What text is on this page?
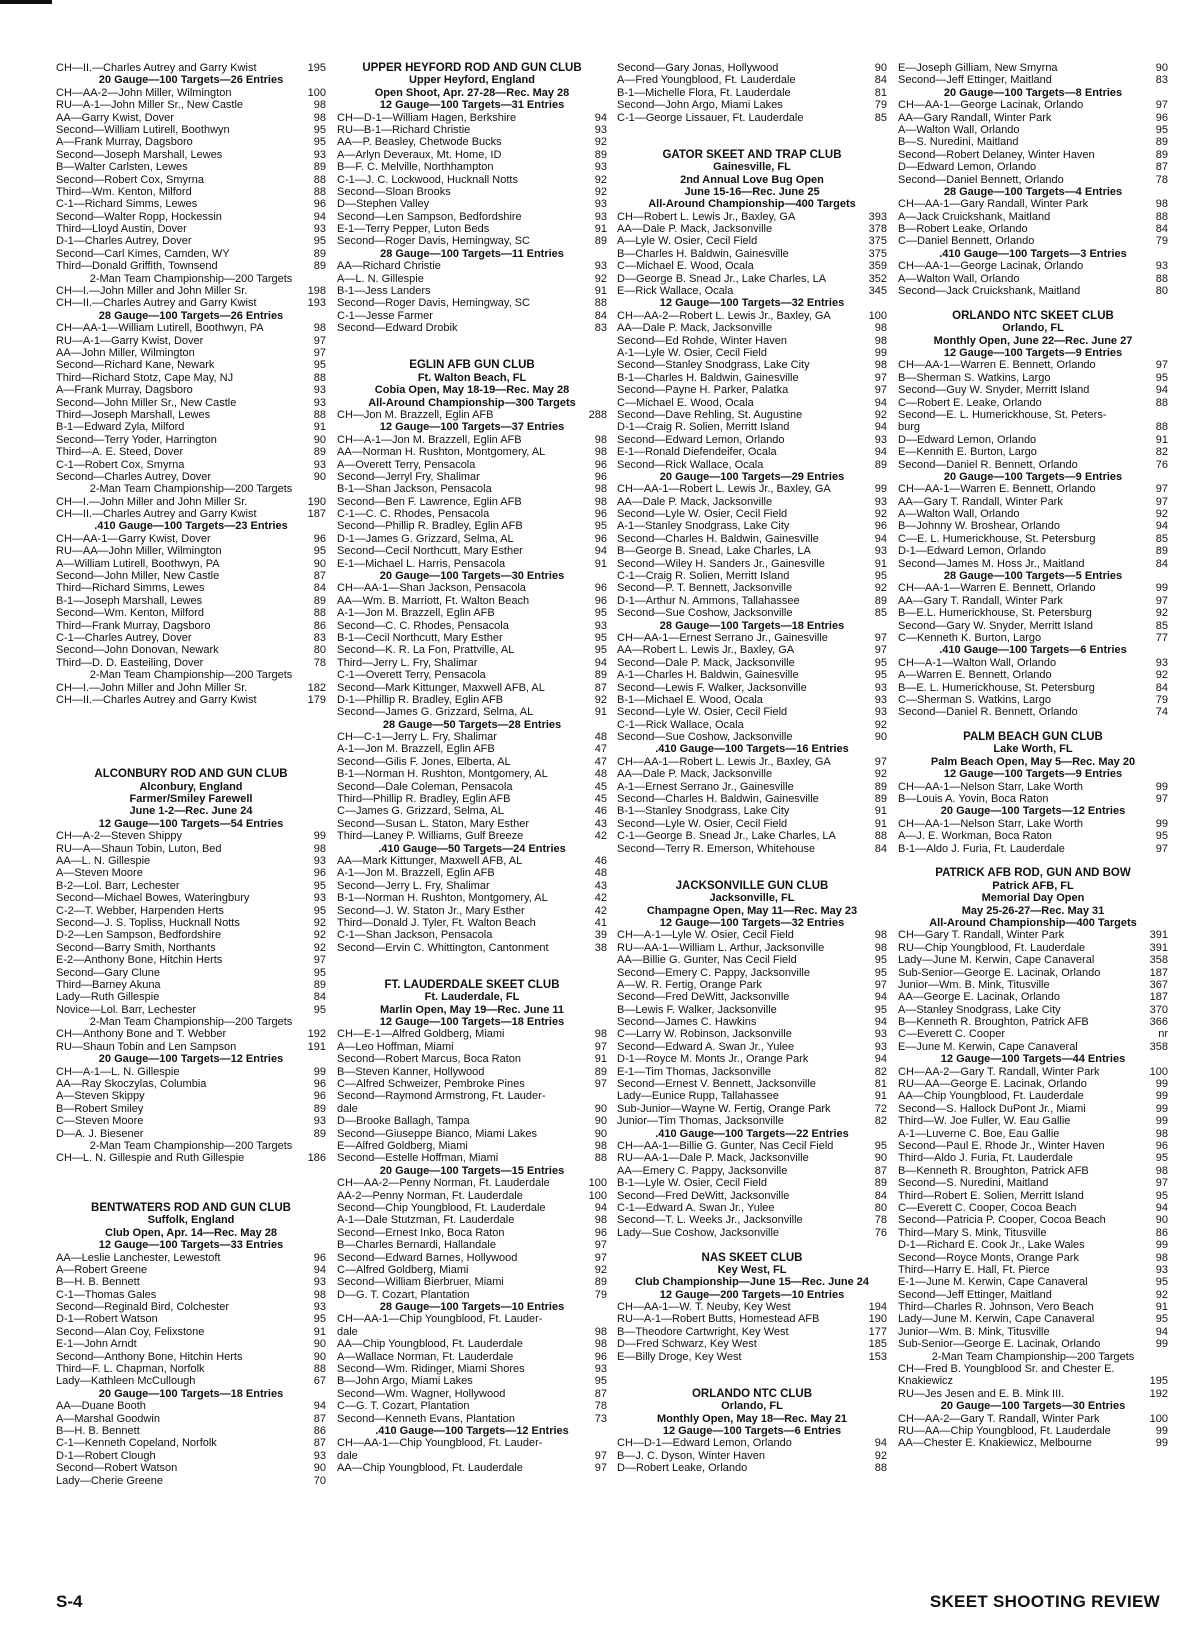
CH—II.—Charles Autrey and Garry Kwist	195
20 Gauge—100 Targets—26 Entries
CH—AA-2—John Miller, Wilmington	100
RU—A-1—John Miller Sr., New Castle	98
AA—Garry Kwist, Dover	98
Second—William Lutirell, Boothwyn	95
A—Frank Murray, Dagsboro	95
Second—Joseph Marshall, Lewes	93
B—Walter Carlsten, Lewes	89
Second—Robert Cox, Smyrna	88
Third—Wm. Kenton, Milford	88
C-1—Richard Simms, Lewes	96
Second—Walter Ropp, Hockessin	94
Third—Lloyd Austin, Dover	93
D-1—Charles Autrey, Dover	95
Second—Carl Kimes, Camden, WY	89
Third—Donald Griffith, Townsend	89
2-Man Team Championship—200 Targets
CH—I.—John Miller and John Miller Sr.	198
CH—II.—Charles Autrey and Garry Kwist	193
28 Gauge—100 Targets—26 Entries
CH—AA-1—William Lutirell, Boothwyn, PA	98
RU—A-1—Garry Kwist, Dover	97
AA—John Miller, Wilmington	97
Second—Richard Kane, Newark	95
Third—Richard Stotz, Cape May, NJ	88
A—Frank Murray, Dagsboro	93
Second—John Miller Sr., New Castle	93
Third—Joseph Marshall, Lewes	88
B-1—Edward Zyla, Milford	91
Second—Terry Yoder, Harrington	90
Third—A. E. Steed, Dover	89
C-1—Robert Cox, Smyrna	93
Second—Charles Autrey, Dover	90
2-Man Team Championship—200 Targets
CH—I.—John Miller and John Miller Sr.	190
CH—II.—Charles Autrey and Garry Kwist	187
.410 Gauge—100 Targets—23 Entries
CH—AA-1—Garry Kwist, Dover	96
RU—AA—John Miller, Wilmington	95
A—William Lutirell, Boothwyn, PA	90
Second—John Miller, New Castle	87
Third—Richard Simms, Lewes	84
B-1—Joseph Marshall, Lewes	89
Second—Wm. Kenton, Milford	88
Third—Frank Murray, Dagsboro	86
C-1—Charles Autrey, Dover	83
Second—John Donovan, Newark	80
Third—D. D. Easteiling, Dover	78
2-Man Team Championship—200 Targets
CH—I.—John Miller and John Miller Sr.	182
CH—II.—Charles Autrey and Garry Kwist	179
ALCONBURY ROD AND GUN CLUB
Alconbury, England
Farmer/Smiley Farewell
June 1-2—Rec. June 24
12 Gauge—100 Targets—54 Entries
CH—A-2—Steven Shippy	99
RU—A—Shaun Tobin, Luton, Bed	98
AA—L. N. Gillespie	93
A—Steven Moore	96
B-2—Lol. Barr, Lechester	95
Second—Michael Bowes, Wateringbury	93
C-2—T. Webber, Harpenden Herts	95
Second—J. S. Topliss, Hucknall Notts	92
D-2—Len Sampson, Bedfordshire	92
Second—Barry Smith, Northants	92
E-2—Anthony Bone, Hitchin Herts	97
Second—Gary Clune	95
Third—Barney Akuna	89
Lady—Ruth Gillespie	84
Novice—Lol. Barr, Lechester	95
2-Man Team Championship—200 Targets
CH—Anthony Bone and T. Webber	192
RU—Shaun Tobin and Len Sampson	191
20 Gauge—100 Targets—12 Entries
CH—A-1—L. N. Gillespie	99
AA—Ray Skoczylas, Columbia	96
A—Steven Skippy	96
B—Robert Smiley	89
C—Steven Moore	93
D—A. J. Biesener	89
2-Man Team Championship—200 Targets
CH—L. N. Gillespie and Ruth Gillespie	186
BENTWATERS ROD AND GUN CLUB
Suffolk, England
Club Open, Apr. 14—Rec. May 28
12 Gauge—100 Targets—33 Entries
AA—Leslie Lanchester, Lewestoft	96
A—Robert Greene	94
B—H. B. Bennett	93
C-1—Thomas Gales	98
Second—Reginald Bird, Colchester	93
D-1—Robert Watson	95
Second—Alan Coy, Felixstone	91
E-1—John Arndt	90
Second—Anthony Bone, Hitchin Herts	90
Third—F. L. Chapman, Norfolk	88
Lady—Kathleen McCullough	67
20 Gauge—100 Targets—18 Entries
AA—Duane Booth	94
A—Marshal Goodwin	87
B—H. B. Bennett	86
C-1—Kenneth Copeland, Norfolk	87
D-1—Robert Clough	93
Second—Robert Watson	90
Lady—Cherie Greene	70
UPPER HEYFORD ROD AND GUN CLUB
Upper Heyford, England
Open Shoot, Apr. 27-28—Rec. May 28
12 Gauge—100 Targets—31 Entries
CH—D-1—William Hagen, Berkshire	94
RU—B-1—Richard Christie	93
AA—P. Beasley, Chetwode Bucks	92
A—Arlyn Deveraux, Mt. Home, ID	89
B—F. C. Melville, Northhampton	93
C-1—J. C. Lockwood, Hucknall Notts	92
Second—Sloan Brooks	92
D—Stephen Valley	93
Second—Len Sampson, Bedfordshire	93
E-1—Terry Pepper, Luton Beds	91
Second—Roger Davis, Hemingway, SC	89
28 Gauge—100 Targets—11 Entries
AA—Richard Christie	93
A—L. N. Gillespie	92
B-1—Jess Landers	91
Second—Roger Davis, Hemingway, SC	88
C-1—Jesse Farmer	84
Second—Edward Drobik	83
EGLIN AFB GUN CLUB
Ft. Walton Beach, FL
Cobia Open, May 18-19—Rec. May 28
All-Around Championship—300 Targets
CH—Jon M. Brazzell, Eglin AFB	288
12 Gauge—100 Targets—37 Entries
CH—A-1—Jon M. Brazzell, Eglin AFB	98
AA—Norman H. Rushton, Montgomery, AL	98
A—Overett Terry, Pensacola	96
Second—Jerryl Fry, Shalimar	96
B-1—Shan Jackson, Pensacola	98
Second—Ben F. Lawrence, Eglin AFB	98
C-1—C. C. Rhodes, Pensacola	96
Second—Phillip R. Bradley, Eglin AFB	95
D-1—James G. Grizzard, Selma, AL	96
Second—Cecil Northcutt, Mary Esther	94
E-1—Michael L. Harris, Pensacola	91
20 Gauge—100 Targets—30 Entries
CH—AA-1—Shan Jackson, Pensacola	96
AA—Wm. B. Marriott, Ft. Walton Beach	96
A-1—Jon M. Brazzell, Eglin AFB	95
Second—C. C. Rhodes, Pensacola	93
B-1—Cecil Northcutt, Mary Esther	95
Second—K. R. La Fon, Prattville, AL	95
Third—Jerry L. Fry, Shalimar	94
C-1—Overett Terry, Pensacola	89
Second—Mark Kittunger, Maxwell AFB, AL	87
D-1—Phillip R. Bradley, Eglin AFB	92
Second—James G. Grizzard, Selma, AL	91
28 Gauge—50 Targets—28 Entries
CH—C-1—Jerry L. Fry, Shalimar	48
A-1—Jon M. Brazzell, Eglin AFB	47
Second—Gilis F. Jones, Elberta, AL	47
B-1—Norman H. Rushton, Montgomery, AL	48
Second—Dale Coleman, Pensacola	45
Third—Phillip R. Bradley, Eglin AFB	45
C—James G. Grizzard, Selma, AL	46
Second—Susan L. Staton, Mary Esther	43
Third—Laney P. Williams, Gulf Breeze	42
.410 Gauge—50 Targets—24 Entries
AA—Mark Kittunger, Maxwell AFB, AL	46
A-1—Jon M. Brazzell, Eglin AFB	48
Second—Jerry L. Fry, Shalimar	43
B-1—Norman H. Rushton, Montgomery, AL	42
Second—J. W. Staton Jr., Mary Esther	42
Third—Donald J. Tyler, Ft. Walton Beach	41
C-1—Shan Jackson, Pensacola	39
Second—Ervin C. Whittington, Cantonment	38
FT. LAUDERDALE SKEET CLUB
Ft. Lauderdale, FL
Marlin Open, May 19—Rec. June 11
12 Gauge—100 Targets—18 Entries
CH—E-1—Alfred Goldberg, Miami	98
A—Leo Hoffman, Miami	97
Second—Robert Marcus, Boca Raton	91
B—Steven Kanner, Hollywood	89
C—Alfred Schweizer, Pembroke Pines	97
Second—Raymond Armstrong, Ft. Lauder-
dale	90
D—Brooke Ballagh, Tampa	90
Second—Giuseppe Bianco, Miami Lakes	90
E—Alfred Goldberg, Miami	98
Second—Estelle Hoffman, Miami	88
20 Gauge—100 Targets—15 Entries
CH—AA-2—Penny Norman, Ft. Lauderdale	100
AA-2—Penny Norman, Ft. Lauderdale	100
Second—Chip Youngblood, Ft. Lauderdale	94
A-1—Dale Stutzman, Ft. Lauderdale	98
Second—Ernest Inko, Boca Raton	96
B—Charles Bernardi, Hallandale	97
Second—Edward Barnes, Hollywood	97
C—Alfred Goldberg, Miami	92
Second—William Bierbruer, Miami	89
D—G. T. Cozart, Plantation	79
28 Gauge—100 Targets—10 Entries
CH—AA-1—Chip Youngblood, Ft. Lauder-
dale	98
AA—Chip Youngblood, Ft. Lauderdale	98
A—Wallace Norman, Ft. Lauderdale	96
Second—Wm. Ridinger, Miami Shores	93
B—John Argo, Miami Lakes	95
Second—Wm. Wagner, Hollywood	87
C—G. T. Cozart, Plantation	78
Second—Kenneth Evans, Plantation	73
.410 Gauge—100 Targets—12 Entries
CH—AA-1—Chip Youngblood, Ft. Lauder-
dale	97
AA—Chip Youngblood, Ft. Lauderdale	97
Second—Gary Jonas, Hollywood	90
A—Fred Youngblood, Ft. Lauderdale	84
B-1—Michelle Flora, Ft. Lauderdale	81
Second—John Argo, Miami Lakes	79
C-1—George Lissauer, Ft. Lauderdale	85
GATOR SKEET AND TRAP CLUB
Gainesville, FL
2nd Annual Love Bug Open
June 15-16—Rec. June 25
All-Around Championship—400 Targets
CH—Robert L. Lewis Jr., Baxley, GA	393
AA—Dale P. Mack, Jacksonville	378
A—Lyle W. Osier, Cecil Field	375
B—Charles H. Baldwin, Gainesville	375
C—Michael E. Wood, Ocala	359
D—George B. Snead Jr., Lake Charles, LA	352
E—Rick Wallace, Ocala	345
12 Gauge—100 Targets—32 Entries
CH—AA-2—Robert L. Lewis Jr., Baxley, GA	100
AA—Dale P. Mack, Jacksonville	98
Second—Ed Rohde, Winter Haven	98
A-1—Lyle W. Osier, Cecil Field	99
Second—Stanley Snodgrass, Lake City	98
B-1—Charles H. Baldwin, Gainesville	97
Second—Payne H. Parker, Palatka	97
C—Michael E. Wood, Ocala	94
Second—Dave Rehling, St. Augustine	92
D-1—Craig R. Solien, Merritt Island	94
Second—Edward Lemon, Orlando	93
E-1—Ronald Diefendeifer, Ocala	94
Second—Rick Wallace, Ocala	89
20 Gauge—100 Targets—29 Entries
CH—AA-1—Robert L. Lewis Jr., Baxley, GA	99
AA—Dale P. Mack, Jacksonville	93
Second—Lyle W. Osier, Cecil Field	92
A-1—Stanley Snodgrass, Lake City	96
Second—Charles H. Baldwin, Gainesville	94
B—George B. Snead, Lake Charles, LA	93
Second—Wiley H. Sanders Jr., Gainesville	91
C-1—Craig R. Solien, Merritt Island	95
Second—P. T. Bennett, Jacksonville	92
D-1—Arthur N. Ammons, Tallahassee	89
Second—Sue Coshow, Jacksonville	85
28 Gauge—100 Targets—18 Entries
CH—AA-1—Ernest Serrano Jr., Gainesville	97
AA—Robert L. Lewis Jr., Baxley, GA	97
Second—Dale P. Mack, Jacksonville	95
A-1—Charles H. Baldwin, Gainesville	95
Second—Lewis F. Walker, Jacksonville	93
B-1—Michael E. Wood, Ocala	93
Second—Lyle W. Osier, Cecil Field	93
C-1—Rick Wallace, Ocala	92
Second—Sue Coshow, Jacksonville	90
.410 Gauge—100 Targets—16 Entries
CH—AA-1—Robert L. Lewis Jr., Baxley, GA	97
AA—Dale P. Mack, Jacksonville	92
A-1—Ernest Serrano Jr., Gainesville	89
Second—Charles H. Baldwin, Gainesville	89
B-1—Stanley Snodgrass, Lake City	91
Second—Lyle W. Osier, Cecil Field	91
C-1—George B. Snead Jr., Lake Charles, LA	88
Second—Terry R. Emerson, Whitehouse	84
JACKSONVILLE GUN CLUB
Jacksonville, FL
Champagne Open, May 11—Rec. May 23
12 Gauge—100 Targets—32 Entries
CH—A-1—Lyle W. Osier, Cecil Field	98
RU—AA-1—William L. Arthur, Jacksonville	98
AA—Billie G. Gunter, Nas Cecil Field	95
Second—Emery C. Pappy, Jacksonville	95
A—W. R. Fertig, Orange Park	97
Second—Fred DeWitt, Jacksonville	94
B—Lewis F. Walker, Jacksonville	95
Second—James C. Hawkins	94
C—Larry W. Robinson, Jacksonville	93
Second—Edward A. Swan Jr., Yulee	93
D-1—Royce M. Monts Jr., Orange Park	94
E-1—Tim Thomas, Jacksonville	82
Second—Ernest V. Bennett, Jacksonville	81
Lady—Eunice Rupp, Tallahassee	91
Sub-Junior—Wayne W. Fertig, Orange Park	72
Junior—Tim Thomas, Jacksonville	82
.410 Gauge—100 Targets—22 Entries
CH—AA-1—Billie G. Gunter, Nas Cecil Field	95
RU—AA-1—Dale P. Mack, Jacksonville	90
AA—Emery C. Pappy, Jacksonville	87
B-1—Lyle W. Osier, Cecil Field	89
Second—Fred DeWitt, Jacksonville	84
C-1—Edward A. Swan Jr., Yulee	80
Second—T. L. Weeks Jr., Jacksonville	78
Lady—Sue Coshow, Jacksonville	76
NAS SKEET CLUB
Key West, FL
Club Championship—June 15—Rec. June 24
12 Gauge—200 Targets—10 Entries
CH—AA-1—W. T. Neuby, Key West	194
RU—A-1—Robert Butts, Homestead AFB	190
B—Theodore Cartwright, Key West	177
D—Fred Schwarz, Key West	185
E—Billy Droge, Key West	153
ORLANDO NTC CLUB
Orlando, FL
Monthly Open, May 18—Rec. May 21
12 Gauge—100 Targets—6 Entries
CH—D-1—Edward Lemon, Orlando	94
B—J. C. Dyson, Winter Haven	92
D—Robert Leake, Orlando	88
E—Joseph Gilliam, New Smyrna	90
Second—Jeff Ettinger, Maitland	83
20 Gauge—100 Targets—8 Entries
CH—AA-1—George Lacinak, Orlando	97
AA—Gary Randall, Winter Park	96
A—Walton Wall, Orlando	95
B—S. Nuredini, Maitland	89
Second—Robert Delaney, Winter Haven	89
D—Edward Lemon, Orlando	87
Second—Daniel Bennett, Orlando	78
28 Gauge—100 Targets—4 Entries
CH—AA-1—Gary Randall, Winter Park	98
A—Jack Cruickshank, Maitland	88
B—Robert Leake, Orlando	84
C—Daniel Bennett, Orlando	79
.410 Gauge—100 Targets—3 Entries
CH—AA-1—George Lacinak, Orlando	93
A—Walton Wall, Orlando	88
Second—Jack Cruickshank, Maitland	80
ORLANDO NTC SKEET CLUB
Orlando, FL
Monthly Open, June 22—Rec. June 27
12 Gauge—100 Targets—9 Entries
CH—AA-1—Warren E. Bennett, Orlando	97
B—Sherman S. Watkins, Largo	95
Second—Guy W. Snyder, Merritt Island	94
C—Robert E. Leake, Orlando	88
Second—E. L. Humerickhouse, St. Peters-
burg	88
D—Edward Lemon, Orlando	91
E—Kennith E. Burton, Largo	82
Second—Daniel R. Bennett, Orlando	76
20 Gauge—100 Targets—9 Entries
CH—AA-1—Warren E. Bennett, Orlando	97
AA—Gary T. Randall, Winter Park	97
A—Walton Wall, Orlando	92
B—Johnny W. Broshear, Orlando	94
C—E. L. Humerickhouse, St. Petersburg	85
D-1—Edward Lemon, Orlando	89
Second—James M. Hoss Jr., Maitland	84
28 Gauge—100 Targets—5 Entries
CH—AA-1—Warren E. Bennett, Orlando	99
AA—Gary T. Randall, Winter Park	97
B—E.L. Humerickhouse, St. Petersburg	92
Second—Gary W. Snyder, Merritt Island	85
C—Kenneth K. Burton, Largo	77
.410 Gauge—100 Targets—6 Entries
CH—A-1—Walton Wall, Orlando	93
A—Warren E. Bennett, Orlando	92
B—E. L. Humerickhouse, St. Petersburg	84
C—Sherman S. Watkins, Largo	79
Second—Daniel R. Bennett, Orlando	74
PALM BEACH GUN CLUB
Lake Worth, FL
Palm Beach Open, May 5—Rec. May 20
12 Gauge—100 Targets—9 Entries
CH—AA-1—Nelson Starr, Lake Worth	99
B—Louis A. Yovin, Boca Raton	97
20 Gauge—100 Targets—12 Entries
CH—AA-1—Nelson Starr, Lake Worth	99
A—J. E. Workman, Boca Raton	95
B-1—Aldo J. Furia, Ft. Lauderdale	97
PATRICK AFB ROD, GUN AND BOW
Patrick AFB, FL
Memorial Day Open
May 25-26-27—Rec. May 31
All-Around Championship—400 Targets
CH—Gary T. Randall, Winter Park	391
RU—Chip Youngblood, Ft. Lauderdale	391
Lady—June M. Kerwin, Cape Canaveral	358
Sub-Senior—George E. Lacinak, Orlando	187
Junior—Wm. B. Mink, Titusville	367
AA—George E. Lacinak, Orlando	187
A—Stanley Snodgrass, Lake City	370
B—Kenneth R. Broughton, Patrick AFB	366
C—Everett C. Cooper	nr
E—June M. Kerwin, Cape Canaveral	358
12 Gauge—100 Targets—44 Entries
CH—AA-2—Gary T. Randall, Winter Park	100
RU—AA—George E. Lacinak, Orlando	99
AA—Chip Youngblood, Ft. Lauderdale	99
Second—S. Hallock DuPont Jr., Miami	99
Third—W. Joe Fuller, W. Eau Gallie	99
A-1—Luverne C. Boe, Eau Gallie	98
Second—Paul E. Rhode Jr., Winter Haven	96
Third—Aldo J. Furia, Ft. Lauderdale	95
B—Kenneth R. Broughton, Patrick AFB	98
Second—S. Nuredini, Maitland	97
Third—Robert E. Solien, Merritt Island	95
C—Everett C. Cooper, Cocoa Beach	94
Second—Patricia P. Cooper, Cocoa Beach	90
Third—Mary S. Mink, Titusville	86
D-1—Richard E. Cook Jr., Lake Wales	99
Second—Royce Monts, Orange Park	98
Third—Harry E. Hall, Ft. Pierce	93
E-1—June M. Kerwin, Cape Canaveral	95
Second—Jeff Ettinger, Maitland	92
Third—Charles R. Johnson, Vero Beach	91
Lady—June M. Kerwin, Cape Canaveral	95
Junior—Wm. B. Mink, Titusville	94
Sub-Senior—George E. Lacinak, Orlando	99
2-Man Team Championship—200 Targets
CH—Fred B. Youngblood Sr. and Chester E.
Knakiewicz	195
RU—Jes Jesen and E. B. Mink III.	192
20 Gauge—100 Targets—30 Entries
CH—AA-2—Gary T. Randall, Winter Park	100
RU—AA—Chip Youngblood, Ft. Lauderdale	99
AA—Chester E. Knakiewicz, Melbourne	99
S-4	SKEET SHOOTING REVIEW
